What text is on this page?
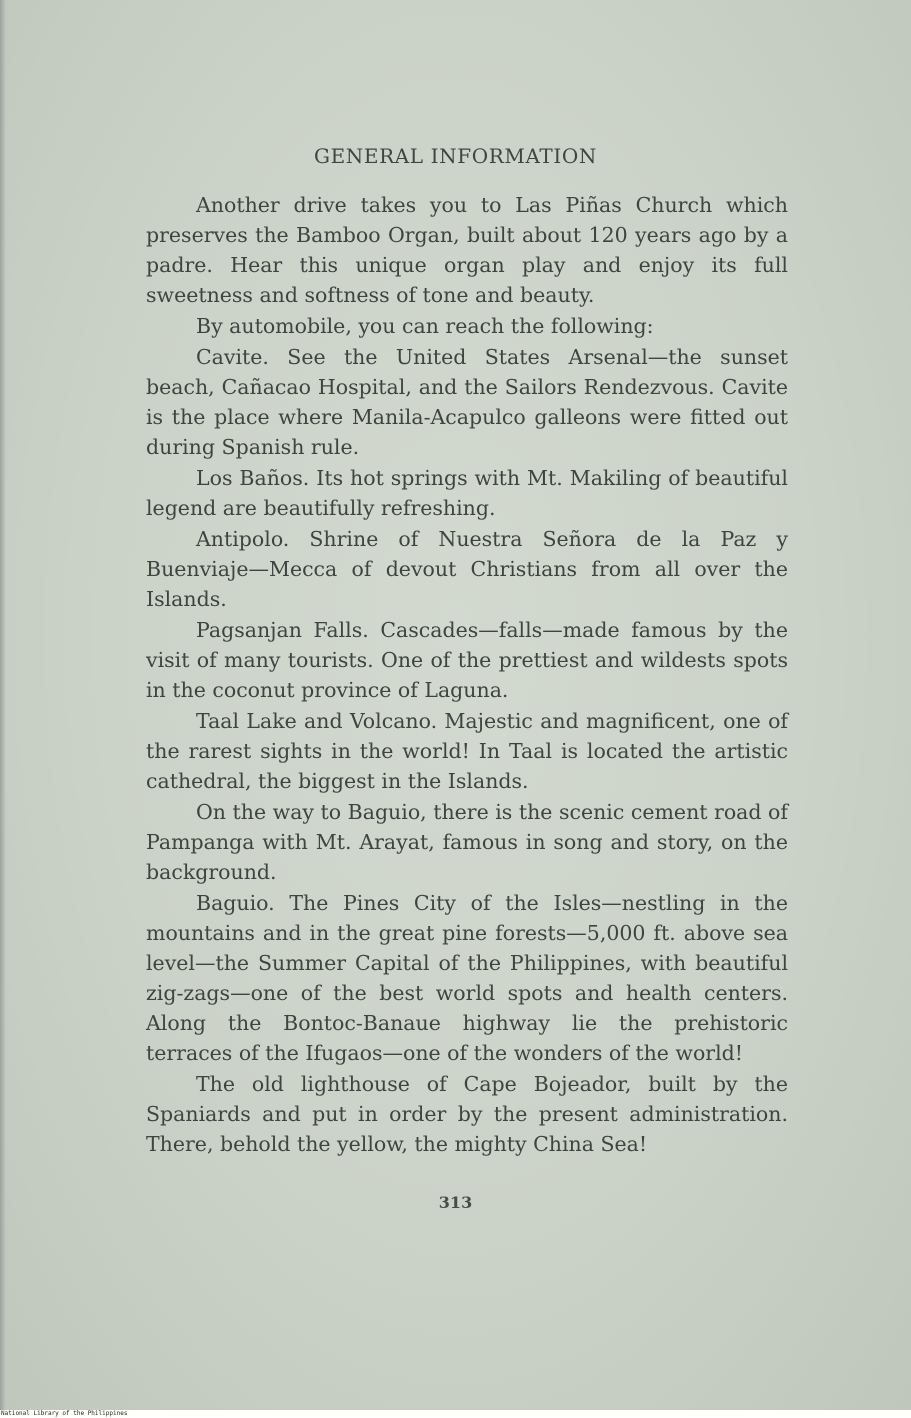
GENERAL INFORMATION

Another drive takes you to Las Piñas Church which preserves the Bamboo Organ, built about 120 years ago by a padre. Hear this unique organ play and enjoy its full sweetness and softness of tone and beauty.

By automobile, you can reach the following:

Cavite. See the United States Arsenal—the sunset beach, Cañacao Hospital, and the Sailors Rendezvous. Cavite is the place where Manila-Acapulco galleons were fitted out during Spanish rule.

Los Baños. Its hot springs with Mt. Makiling of beautiful legend are beautifully refreshing.

Antipolo. Shrine of Nuestra Señora de la Paz y Buenviaje—Mecca of devout Christians from all over the Islands.

Pagsanjan Falls. Cascades—falls—made famous by the visit of many tourists. One of the prettiest and wildests spots in the coconut province of Laguna.

Taal Lake and Volcano. Majestic and magnificent, one of the rarest sights in the world! In Taal is located the artistic cathedral, the biggest in the Islands.

On the way to Baguio, there is the scenic cement road of Pampanga with Mt. Arayat, famous in song and story, on the background.

Baguio. The Pines City of the Isles—nestling in the mountains and in the great pine forests—5,000 ft. above sea level—the Summer Capital of the Philippines, with beautiful zig-zags—one of the best world spots and health centers. Along the Bontoc-Banaue highway lie the prehistoric terraces of the Ifugaos—one of the wonders of the world!

The old lighthouse of Cape Bojeador, built by the Spaniards and put in order by the present administration. There, behold the yellow, the mighty China Sea!

313
National Library of the Philippines
